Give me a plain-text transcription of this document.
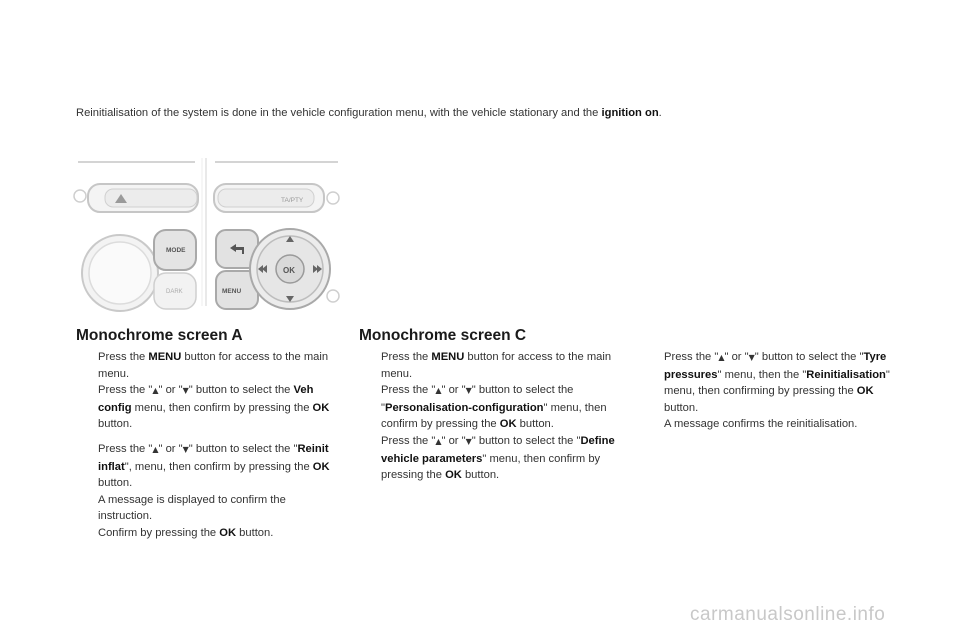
Reinitialisation of the system is done in the vehicle configuration menu, with the vehicle stationary and the ignition on.
TA/PTY
MODE
DARK	MENU
OK
Monochrome screen A

Press the MENU button for access to the main menu.

Press the "▲" or "▼" button to select the Veh config menu, then confirm by pressing the OK button.

Press the "▲" or "▼" button to select the "Reinit inflat", menu, then confirm by pressing the OK button.
A message is displayed to confirm the instruction.

Confirm by pressing the OK button.

Monochrome screen C

Press the MENU button for access to the main menu.

Press the "▲" or "▼" button to select the "Personalisation-configuration" menu, then confirm by pressing the OK button.

Press the "▲" or "▼" button to select the "Define vehicle parameters" menu, then confirm by pressing the OK button.

Press the "▲" or "▼" button to select the "Tyre pressures" menu, then the "Reinitialisation" menu, then confirming by pressing the OK button.
A message confirms the reinitialisation.

carmanualsonline.info
